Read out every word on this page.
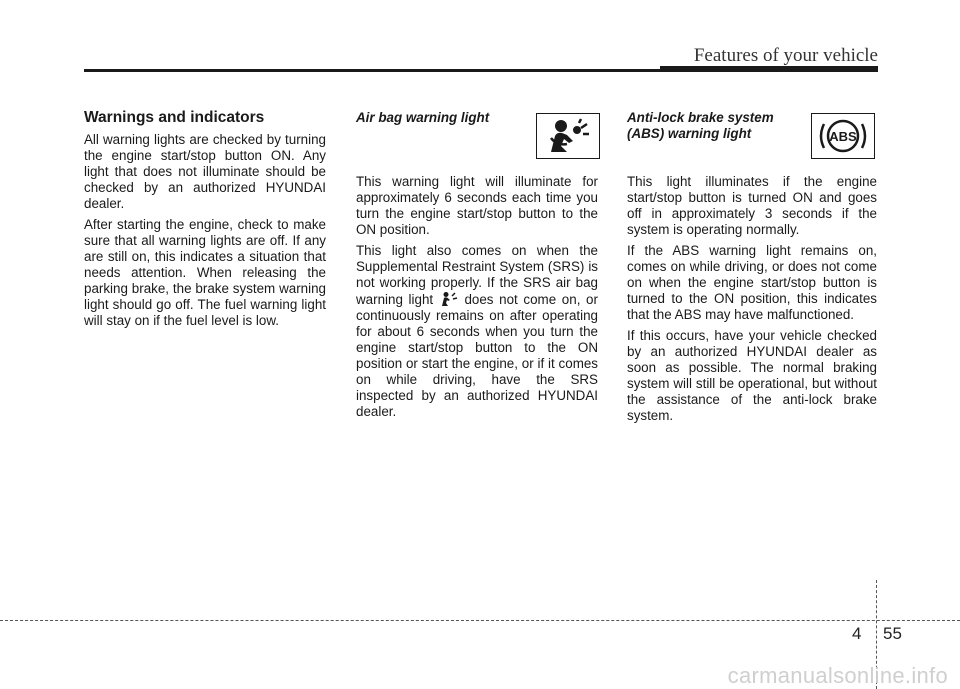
Features of your vehicle
Warnings and indicators

All warning lights are checked by turning the engine start/stop button ON. Any light that does not illuminate should be checked by an authorized HYUNDAI dealer.

After starting the engine, check to make sure that all warning lights are off. If any are still on, this indicates a situation that needs attention. When releasing the parking brake, the brake system warning light should go off. The fuel warning light will stay on if the fuel level is low.

Air bag warning light

This warning light will illuminate for approximately 6 seconds each time you turn the engine start/stop button to the ON position.

This light also comes on when the Supplemental Restraint System (SRS) is not working properly. If the SRS air bag warning light does not come on, or continuously remains on after operating for about 6 seconds when you turn the engine start/stop button to the ON position or start the engine, or if it comes on while driving, have the SRS inspected by an authorized HYUNDAI dealer.

Anti-lock brake system (ABS) warning light	ABS

This light illuminates if the engine start/stop button is turned ON and goes off in approximately 3 seconds if the system is operating normally.

If the ABS warning light remains on, comes on while driving, or does not come on when the engine start/stop button is turned to the ON position, this indicates that the ABS may have malfunctioned.

If this occurs, have your vehicle checked by an authorized HYUNDAI dealer as soon as possible. The normal braking system will still be operational, but without the assistance of the anti-lock brake system.

4 55
carmanualsonline.info
